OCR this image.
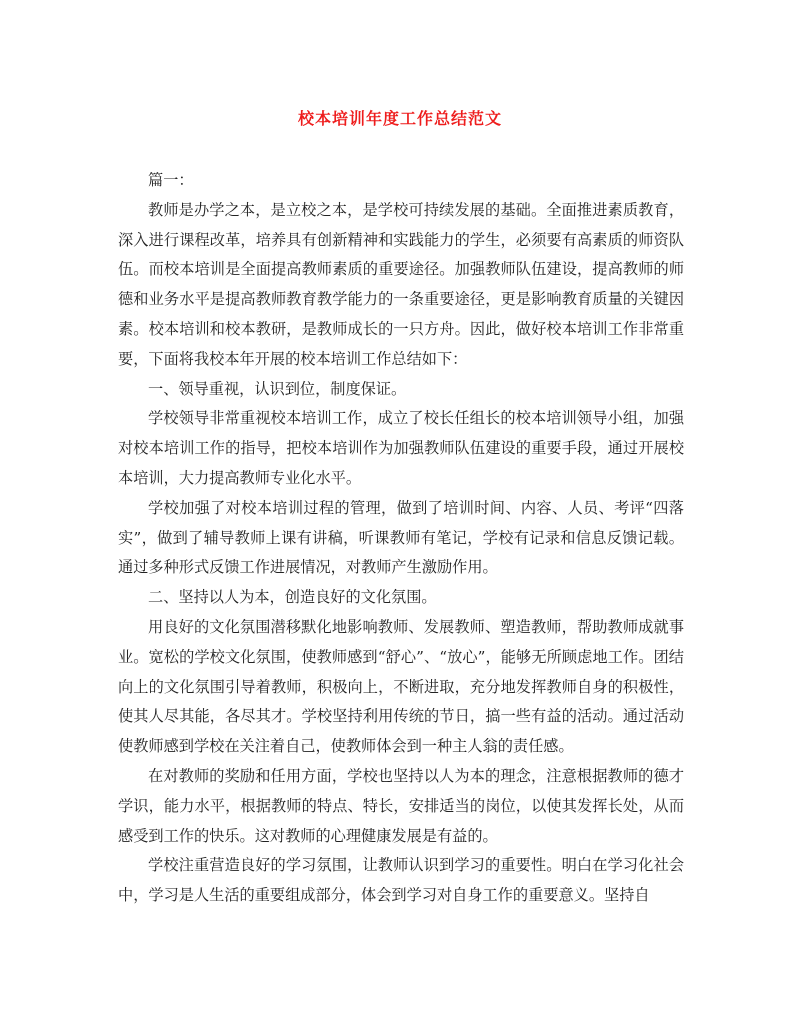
校本培训年度工作总结范文

篇一：

教师是办学之本，是立校之本，是学校可持续发展的基础。全面推进素质教育，深入进行课程改革，培养具有创新精神和实践能力的学生，必须要有高素质的师资队伍。而校本培训是全面提高教师素质的重要途径。加强教师队伍建设，提高教师的师德和业务水平是提高教师教育教学能力的一条重要途径，更是影响教育质量的关键因素。校本培训和校本教研，是教师成长的一只方舟。因此，做好校本培训工作非常重要，下面将我校本年开展的校本培训工作总结如下：

一、领导重视，认识到位，制度保证。

学校领导非常重视校本培训工作，成立了校长任组长的校本培训领导小组，加强对校本培训工作的指导，把校本培训作为加强教师队伍建设的重要手段，通过开展校本培训，大力提高教师专业化水平。

学校加强了对校本培训过程的管理，做到了培训时间、内容、人员、考评“四落实”，做到了辅导教师上课有讲稿，听课教师有笔记，学校有记录和信息反馈记载。通过多种形式反馈工作进展情况，对教师产生激励作用。

二、坚持以人为本，创造良好的文化氛围。

用良好的文化氛围潜移默化地影响教师、发展教师、塑造教师，帮助教师成就事业。宽松的学校文化氛围，使教师感到“舒心”、“放心”，能够无所顾虑地工作。团结向上的文化氛围引导着教师，积极向上，不断进取，充分地发挥教师自身的积极性，使其人尽其能，各尽其才。学校坚持利用传统的节日，搞一些有益的活动。通过活动使教师感到学校在关注着自己，使教师体会到一种主人翁的责任感。

在对教师的奖励和任用方面，学校也坚持以人为本的理念，注意根据教师的德才学识，能力水平，根据教师的特点、特长，安排适当的岗位，以使其发挥长处，从而感受到工作的快乐。这对教师的心理健康发展是有益的。

学校注重营造良好的学习氛围，让教师认识到学习的重要性。明白在学习化社会中，学习是人生活的重要组成部分，体会到学习对自身工作的重要意义。坚持自
